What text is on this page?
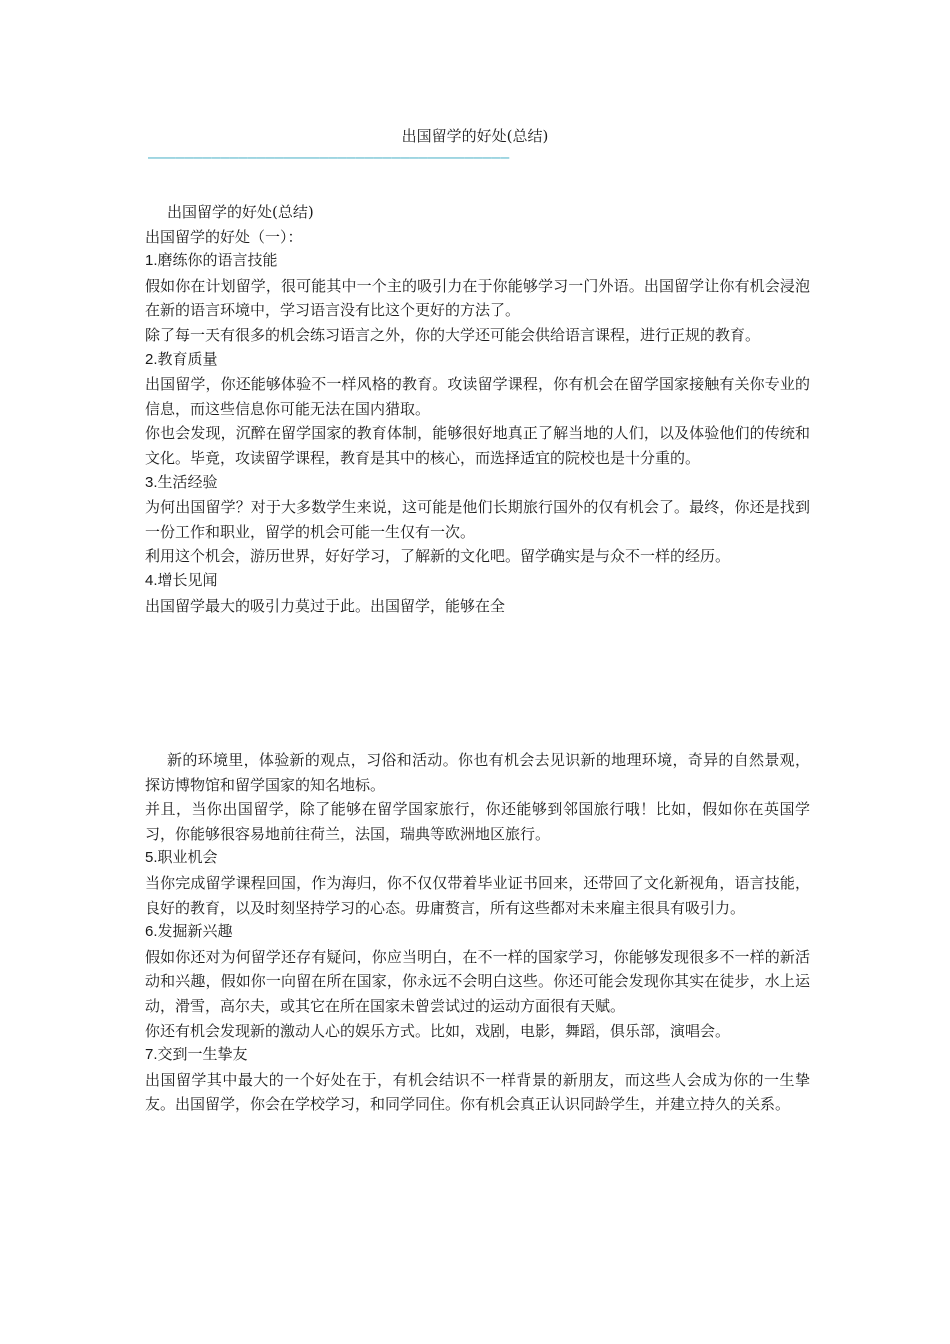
出国留学的好处(总结)
————————————————————————————————————————

出国留学的好处(总结)

出国留学的好处（一）：

1.磨练你的语言技能

假如你在计划留学，很可能其中一个主的吸引力在于你能够学习一门外语。出国留学让你有机会浸泡在新的语言环境中，学习语言没有比这个更好的方法了。

除了每一天有很多的机会练习语言之外，你的大学还可能会供给语言课程，进行正规的教育。

2.教育质量

出国留学，你还能够体验不一样风格的教育。攻读留学课程，你有机会在留学国家接触有关你专业的信息，而这些信息你可能无法在国内猎取。

你也会发现，沉醉在留学国家的教育体制，能够很好地真正了解当地的人们，以及体验他们的传统和文化。毕竟，攻读留学课程，教育是其中的核心，而选择适宜的院校也是十分重的。

3.生活经验

为何出国留学？对于大多数学生来说，这可能是他们长期旅行国外的仅有机会了。最终，你还是找到一份工作和职业，留学的机会可能一生仅有一次。

利用这个机会，游历世界，好好学习，了解新的文化吧。留学确实是与众不一样的经历。

4.增长见闻

出国留学最大的吸引力莫过于此。出国留学，能够在全

新的环境里，体验新的观点，习俗和活动。你也有机会去见识新的地理环境，奇异的自然景观，探访博物馆和留学国家的知名地标。

并且，当你出国留学，除了能够在留学国家旅行，你还能够到邻国旅行哦！比如，假如你在英国学习，你能够很容易地前往荷兰，法国，瑞典等欧洲地区旅行。

5.职业机会

当你完成留学课程回国，作为海归，你不仅仅带着毕业证书回来，还带回了文化新视角，语言技能，良好的教育，以及时刻坚持学习的心态。毋庸赘言，所有这些都对未来雇主很具有吸引力。

6.发掘新兴趣

假如你还对为何留学还存有疑问，你应当明白，在不一样的国家学习，你能够发现很多不一样的新活动和兴趣，假如你一向留在所在国家，你永远不会明白这些。你还可能会发现你其实在徒步，水上运动，滑雪，高尔夫，或其它在所在国家未曾尝试过的运动方面很有天赋。

你还有机会发现新的激动人心的娱乐方式。比如，戏剧，电影，舞蹈，俱乐部，演唱会。

7.交到一生挚友

出国留学其中最大的一个好处在于，有机会结识不一样背景的新朋友，而这些人会成为你的一生挚友。出国留学，你会在学校学习，和同学同住。你有机会真正认识同龄学生，并建立持久的关系。
